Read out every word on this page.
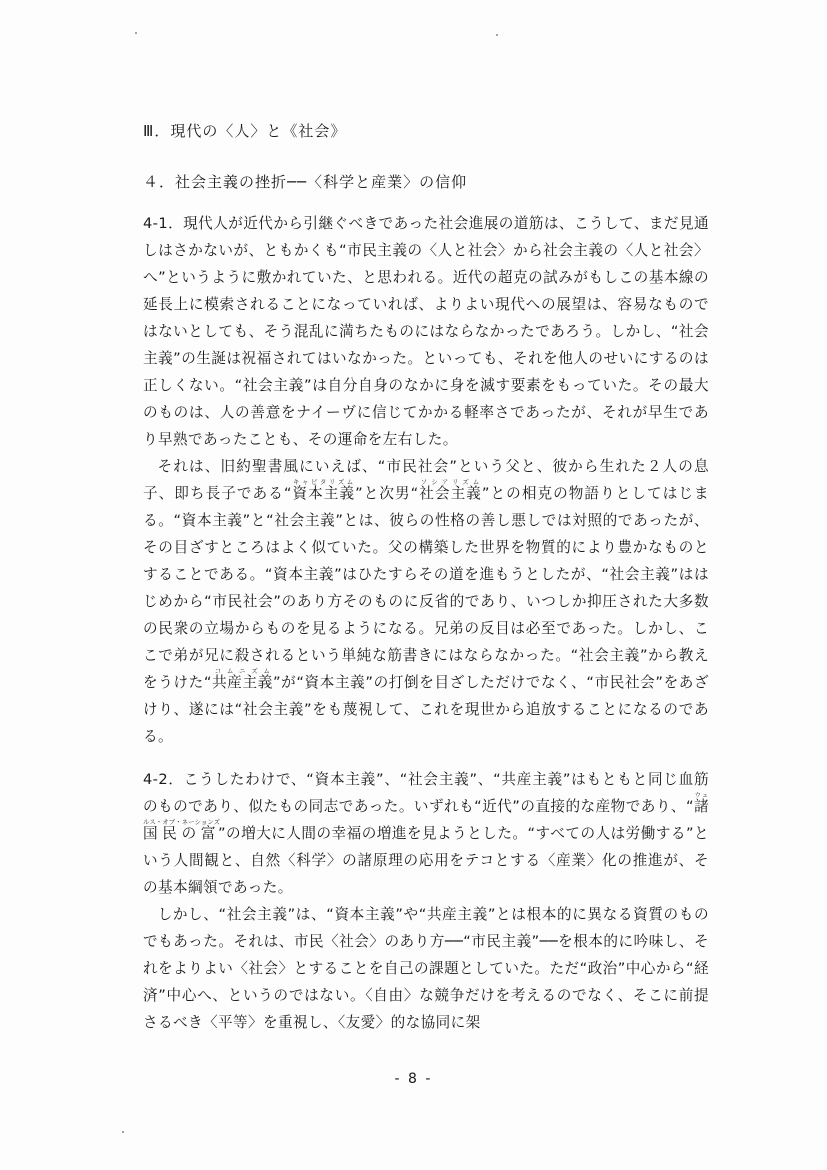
Ⅲ．現代の〈人〉と《社会》
４．社会主義の挫折──〈科学と産業〉の信仰

4-1．現代人が近代から引継ぐべきであった社会進展の道筋は、こうして、まだ見通しはさかないが、ともかくも“市民主義の〈人と社会〉から社会主義の〈人と社会〉へ”というように敷かれていた、と思われる。近代の超克の試みがもしこの基本線の延長上に模索されることになっていれば、よりよい現代への展望は、容易なものではないとしても、そう混乱に満ちたものにはならなかったであろう。しかし、“社会主義”の生誕は祝福されてはいなかった。といっても、それを他人のせいにするのは正しくない。“社会主義”は自分自身のなかに身を滅す要素をもっていた。その最大のものは、人の善意をナイーヴに信じてかかる軽率さであったが、それが早生であり早熟であったことも、その運命を左右した。

それは、旧約聖書風にいえば、“市民社会”という父と、彼から生れた２人の息子、即ち長子である“資本主義キャピタリズム”と次男“社会主義ソシアリズム”との相克の物語りとしてはじまる。“資本主義”と“社会主義”とは、彼らの性格の善し悪しでは対照的であったが、その目ざすところはよく似ていた。父の構築した世界を物質的により豊かなものとすることである。“資本主義”はひたすらその道を進もうとしたが、“社会主義”ははじめから“市民社会”のあり方そのものに反省的であり、いつしか抑圧された大多数の民衆の立場からものを見るようになる。兄弟の反目は必至であった。しかし、ここで弟が兄に殺されるという単純な筋書きにはならなかった。“社会主義”から教えをうけた“共産主義コムニズム”が“資本主義”の打倒を目ざしただけでなく、“市民社会”をあざけり、遂には“社会主義”をも蔑視して、これを現世から追放することになるのである。

4-2．こうしたわけで、“資本主義”、“社会主義”、“共産主義”はもともと同じ血筋のものであり、似たもの同志であった。いずれも“近代”の直接的な産物であり、“諸国民の富ウェルス・オブ・ネーションズ”の増大に人間の幸福の増進を見ようとした。“すべての人は労働する”という人間観と、自然〈科学〉の諸原理の応用をテコとする〈産業〉化の推進が、その基本綱領であった。

しかし、“社会主義”は、“資本主義”や“共産主義”とは根本的に異なる資質のものでもあった。それは、市民〈社会〉のあり方──“市民主義”──を根本的に吟味し、それをよりよい〈社会〉とすることを自己の課題としていた。ただ“政治”中心から“経済”中心へ、というのではない。〈自由〉な競争だけを考えるのでなく、そこに前提さるべき〈平等〉を重視し、〈友愛〉的な協同に架

- 8 -
